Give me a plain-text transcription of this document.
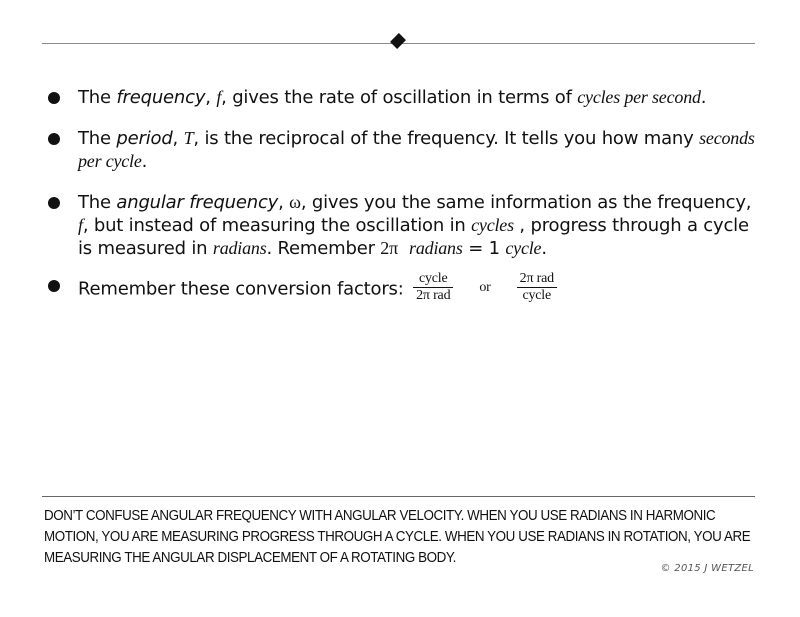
The frequency, f, gives the rate of oscillation in terms of cycles per second.
The period, T, is the reciprocal of the frequency. It tells you how many seconds per cycle.
The angular frequency, ω, gives you the same information as the frequency, f, but instead of measuring the oscillation in cycles , progress through a cycle is measured in radians. Remember 2π radians = 1 cycle.
Remember these conversion factors: $\frac{\text{cycle}}{\text{2π rad}}$ or $\frac{\text{2π rad}}{\text{cycle}}$
DON’T CONFUSE ANGULAR FREQUENCY WITH ANGULAR VELOCITY. WHEN YOU USE RADIANS IN HARMONIC MOTION, YOU ARE MEASURING PROGRESS THROUGH A CYCLE. WHEN YOU USE RADIANS IN ROTATION, YOU ARE MEASURING THE ANGULAR DISPLACEMENT OF A ROTATING BODY.
© 2015 J WETZEL
